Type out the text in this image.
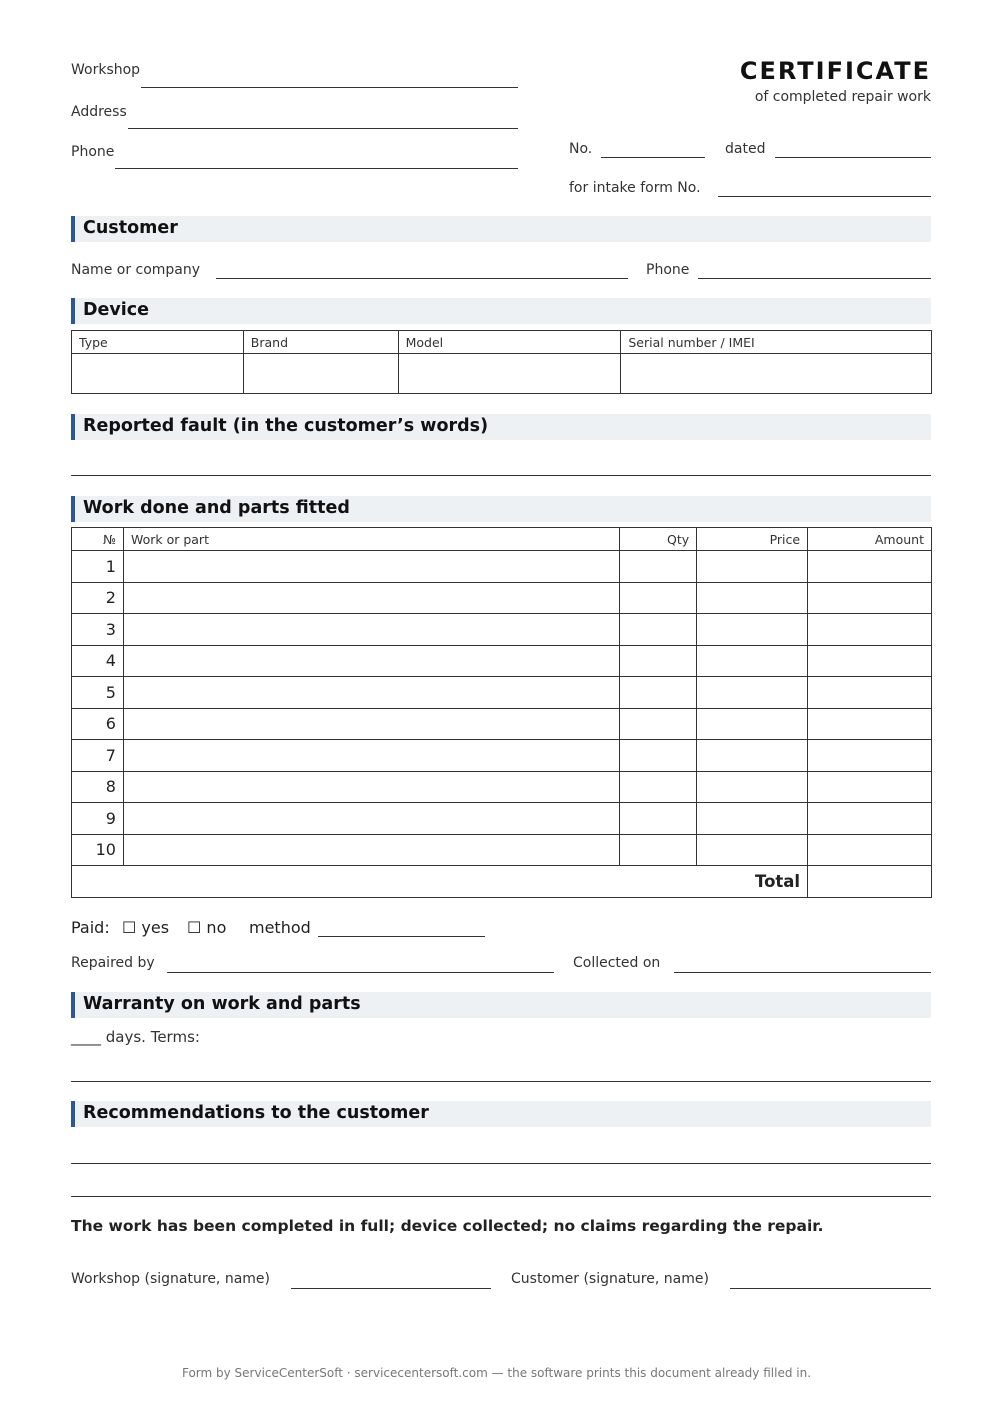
Workshop
Address
Phone
CERTIFICATE
of completed repair work
No.	dated
for intake form No.
Customer
Name or company	Phone
Device
Type	Brand	Model	Serial number / IMEI

Reported fault (in the customer’s words)
Work done and parts fitted
№	Work or part	Qty	Price	Amount
1				
2				
3				
4				
5				
6				
7				
8				
9				
10				
Total				
Paid: ☐ yes ☐ no method
Repaired by	Collected on
Warranty on work and parts
____ days. Terms:
Recommendations to the customer
The work has been completed in full; device collected; no claims regarding the repair.
Workshop (signature, name)	Customer (signature, name)
Form by ServiceCenterSoft · servicecentersoft.com — the software prints this document already filled in.
